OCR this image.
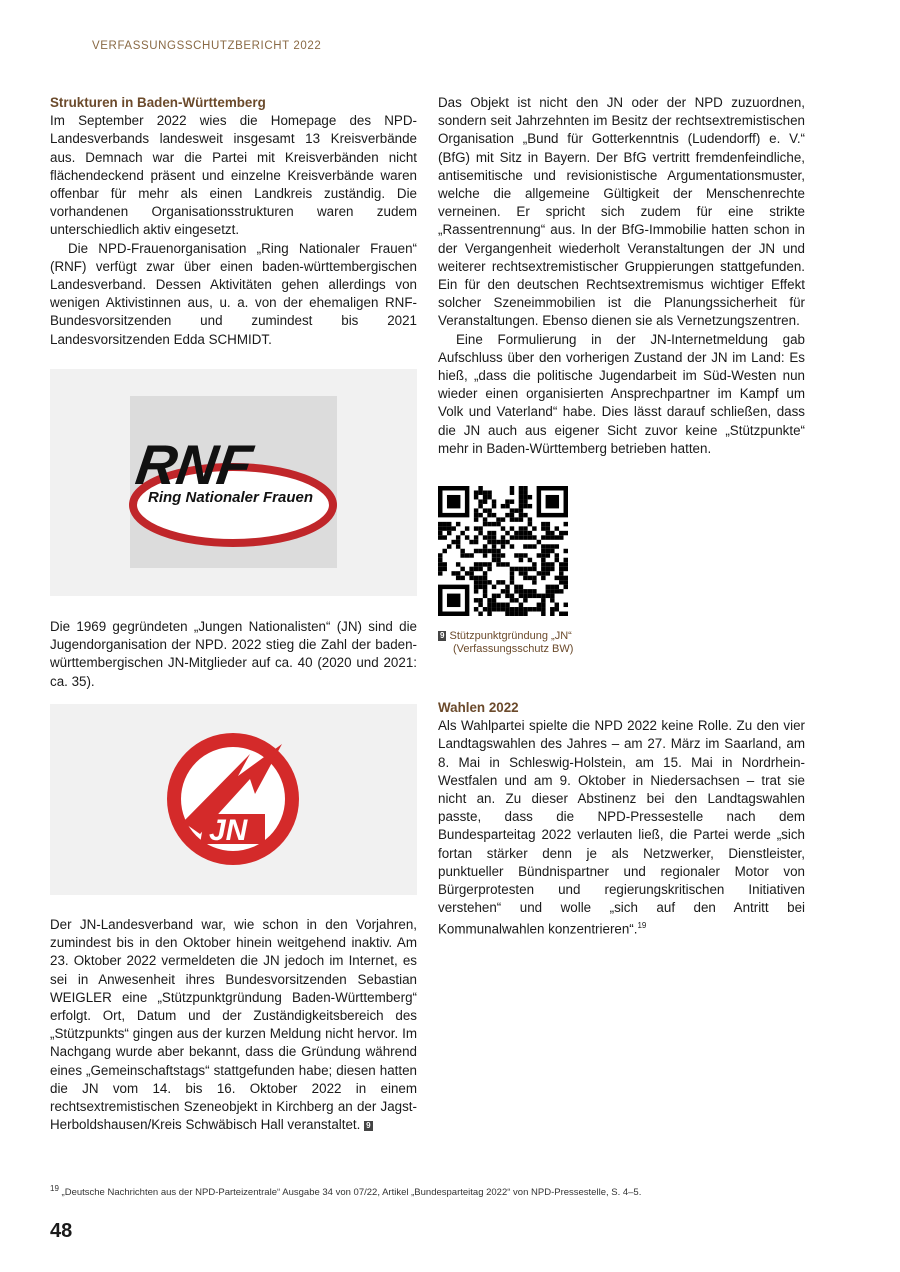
VERFASSUNGSSCHUTZBERICHT 2022

Strukturen in Baden-Württemberg

Im September 2022 wies die Homepage des NPD-Landesverbands landesweit insgesamt 13 Kreisverbände aus. Demnach war die Partei mit Kreisverbänden nicht flächendeckend präsent und einzelne Kreisverbände waren offenbar für mehr als einen Landkreis zuständig. Die vorhandenen Organisationsstrukturen waren zudem unterschiedlich aktiv eingesetzt.

Die NPD-Frauenorganisation „Ring Nationaler Frauen“ (RNF) verfügt zwar über einen baden-württembergischen Landesverband. Dessen Aktivitäten gehen allerdings von wenigen Aktivistinnen aus, u. a. von der ehemaligen RNF-Bundesvorsitzenden und zumindest bis 2021 Landesvorsitzenden Edda SCHMIDT.

RNF
Ring Nationaler Frauen

Die 1969 gegründeten „Jungen Nationalisten“ (JN) sind die Jugendorganisation der NPD. 2022 stieg die Zahl der baden-württembergischen JN-Mitglieder auf ca. 40 (2020 und 2021: ca. 35).

JN

Der JN-Landesverband war, wie schon in den Vorjahren, zumindest bis in den Oktober hinein weitgehend inaktiv. Am 23. Oktober 2022 vermeldeten die JN jedoch im Internet, es sei in Anwesenheit ihres Bundesvorsitzenden Sebastian WEIGLER eine „Stützpunktgründung Baden-Württemberg“ erfolgt. Ort, Datum und der Zuständigkeitsbereich des „Stützpunkts“ gingen aus der kurzen Meldung nicht hervor. Im Nachgang wurde aber bekannt, dass die Gründung während eines „Gemeinschaftstags“ stattgefunden habe; diesen hatten die JN vom 14. bis 16. Oktober 2022 in einem rechtsextremistischen Szeneobjekt in Kirchberg an der Jagst-Herboldshausen/Kreis Schwäbisch Hall veranstaltet. 9

Das Objekt ist nicht den JN oder der NPD zuzuordnen, sondern seit Jahrzehnten im Besitz der rechtsextremistischen Organisation „Bund für Gotterkenntnis (Ludendorff) e. V.“ (BfG) mit Sitz in Bayern. Der BfG vertritt fremdenfeindliche, antisemitische und revisionistische Argumentationsmuster, welche die allgemeine Gültigkeit der Menschenrechte verneinen. Er spricht sich zudem für eine strikte „Rassentrennung“ aus. In der BfG-Immobilie hatten schon in der Vergangenheit wiederholt Veranstaltungen der JN und weiterer rechtsextremistischer Gruppierungen stattgefunden. Ein für den deutschen Rechtsextremismus wichtiger Effekt solcher Szeneimmobilien ist die Planungssicherheit für Veranstaltungen. Ebenso dienen sie als Vernetzungszentren.

Eine Formulierung in der JN-Internetmeldung gab Aufschluss über den vorherigen Zustand der JN im Land: Es hieß, „dass die politische Jugendarbeit im Süd-Westen nun wieder einen organisierten Ansprechpartner im Kampf um Volk und Vaterland“ habe. Dies lässt darauf schließen, dass die JN auch aus eigener Sicht zuvor keine „Stützpunkte“ mehr in Baden-Württemberg betrieben hatten.

9 Stützpunktgründung „JN“
(Verfassungsschutz BW)

Wahlen 2022

Als Wahlpartei spielte die NPD 2022 keine Rolle. Zu den vier Landtagswahlen des Jahres – am 27. März im Saarland, am 8. Mai in Schleswig-Holstein, am 15. Mai in Nordrhein-Westfalen und am 9. Oktober in Niedersachsen – trat sie nicht an. Zu dieser Abstinenz bei den Landtagswahlen passte, dass die NPD-Pressestelle nach dem Bundesparteitag 2022 verlauten ließ, die Partei werde „sich fortan stärker denn je als Netzwerker, Dienstleister, punktueller Bündnispartner und regionaler Motor von Bürgerprotesten und regierungskritischen Initiativen verstehen“ und wolle „sich auf den Antritt bei Kommunalwahlen konzentrieren“.$^{19}$

$^{19}$ „Deutsche Nachrichten aus der NPD-Parteizentrale“ Ausgabe 34 von 07/22, Artikel „Bundesparteitag 2022“ von NPD-Pressestelle, S. 4–5.
48
